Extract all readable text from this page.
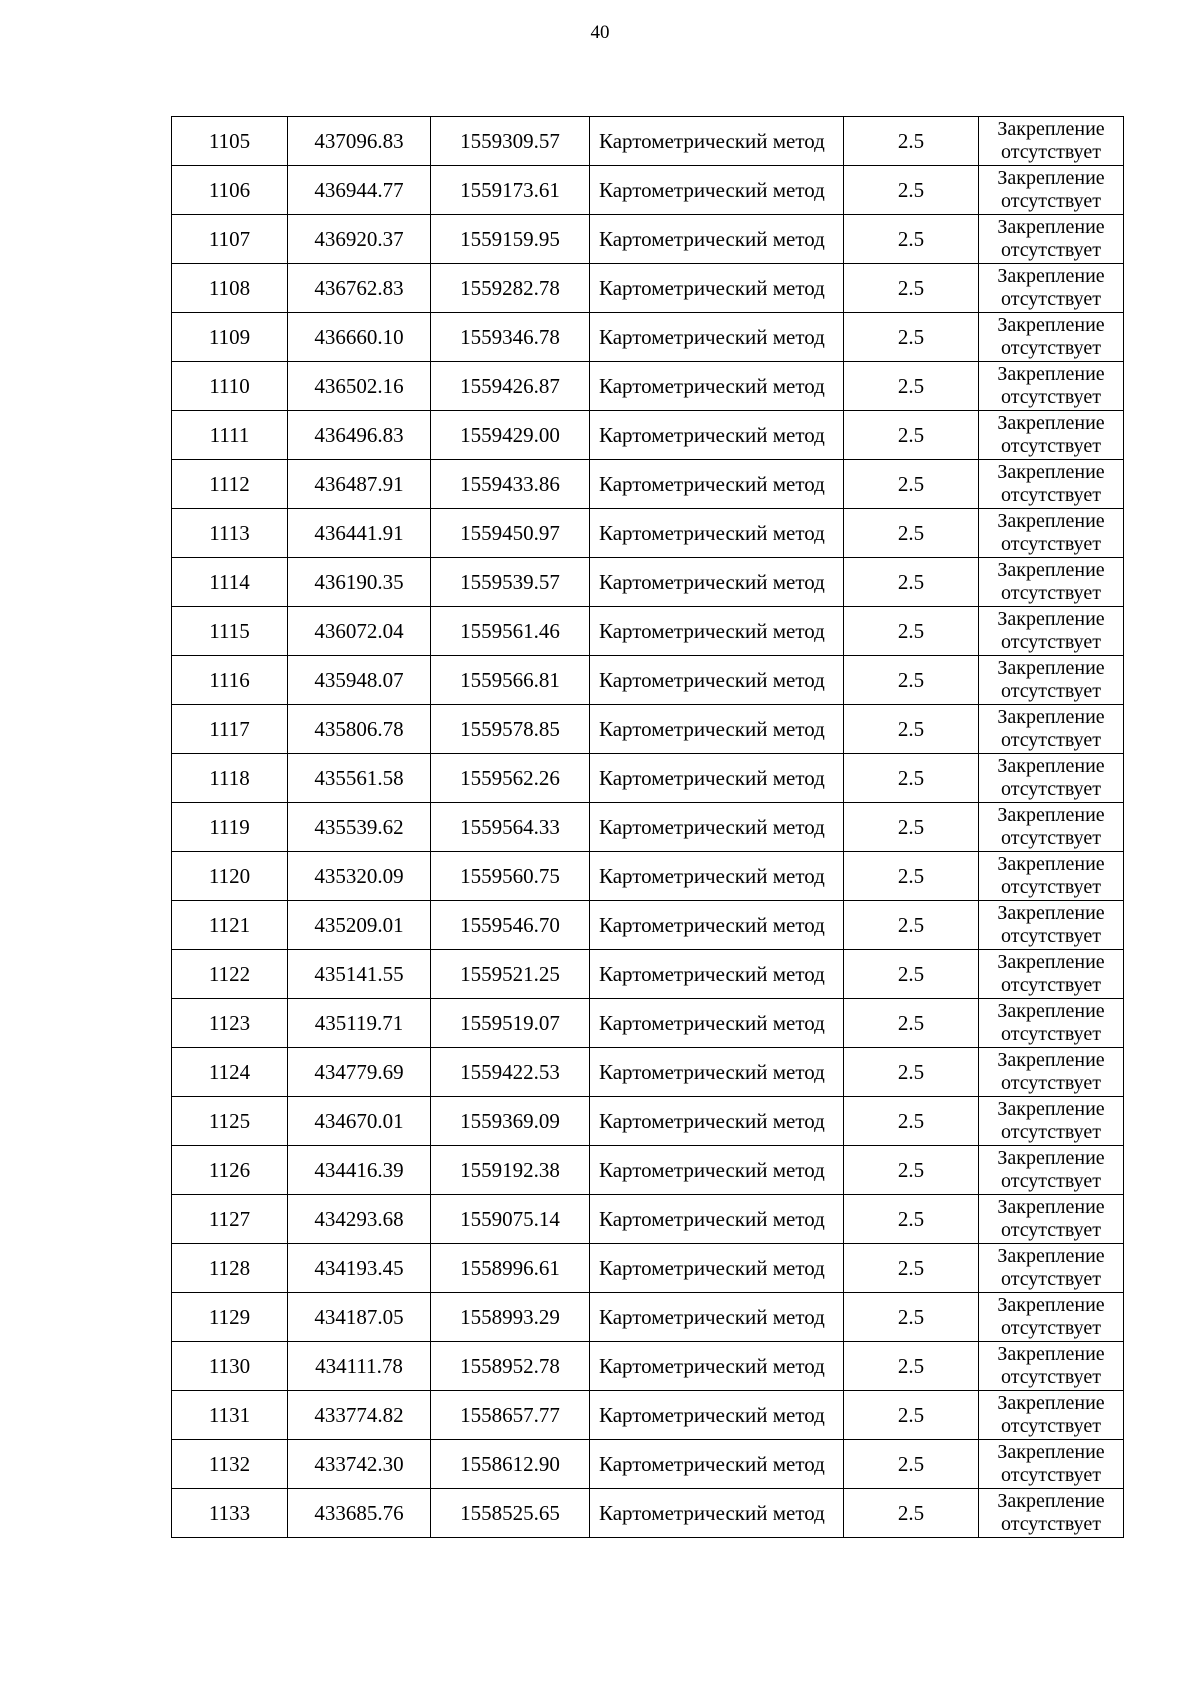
40
1105	437096.83	1559309.57	Картометрический метод	2.5	Закрепление
отсутствует

1106	436944.77	1559173.61	Картометрический метод	2.5	Закрепление
отсутствует

1107	436920.37	1559159.95	Картометрический метод	2.5	Закрепление
отсутствует

1108	436762.83	1559282.78	Картометрический метод	2.5	Закрепление
отсутствует

1109	436660.10	1559346.78	Картометрический метод	2.5	Закрепление
отсутствует

1110	436502.16	1559426.87	Картометрический метод	2.5	Закрепление
отсутствует

1111	436496.83	1559429.00	Картометрический метод	2.5	Закрепление
отсутствует

1112	436487.91	1559433.86	Картометрический метод	2.5	Закрепление
отсутствует

1113	436441.91	1559450.97	Картометрический метод	2.5	Закрепление
отсутствует

1114	436190.35	1559539.57	Картометрический метод	2.5	Закрепление
отсутствует

1115	436072.04	1559561.46	Картометрический метод	2.5	Закрепление
отсутствует

1116	435948.07	1559566.81	Картометрический метод	2.5	Закрепление
отсутствует

1117	435806.78	1559578.85	Картометрический метод	2.5	Закрепление
отсутствует

1118	435561.58	1559562.26	Картометрический метод	2.5	Закрепление
отсутствует

1119	435539.62	1559564.33	Картометрический метод	2.5	Закрепление
отсутствует

1120	435320.09	1559560.75	Картометрический метод	2.5	Закрепление
отсутствует

1121	435209.01	1559546.70	Картометрический метод	2.5	Закрепление
отсутствует

1122	435141.55	1559521.25	Картометрический метод	2.5	Закрепление
отсутствует

1123	435119.71	1559519.07	Картометрический метод	2.5	Закрепление
отсутствует

1124	434779.69	1559422.53	Картометрический метод	2.5	Закрепление
отсутствует

1125	434670.01	1559369.09	Картометрический метод	2.5	Закрепление
отсутствует

1126	434416.39	1559192.38	Картометрический метод	2.5	Закрепление
отсутствует

1127	434293.68	1559075.14	Картометрический метод	2.5	Закрепление
отсутствует

1128	434193.45	1558996.61	Картометрический метод	2.5	Закрепление
отсутствует

1129	434187.05	1558993.29	Картометрический метод	2.5	Закрепление
отсутствует

1130	434111.78	1558952.78	Картометрический метод	2.5	Закрепление
отсутствует

1131	433774.82	1558657.77	Картометрический метод	2.5	Закрепление
отсутствует

1132	433742.30	1558612.90	Картометрический метод	2.5	Закрепление
отсутствует

1133	433685.76	1558525.65	Картометрический метод	2.5	Закрепление
отсутствует
